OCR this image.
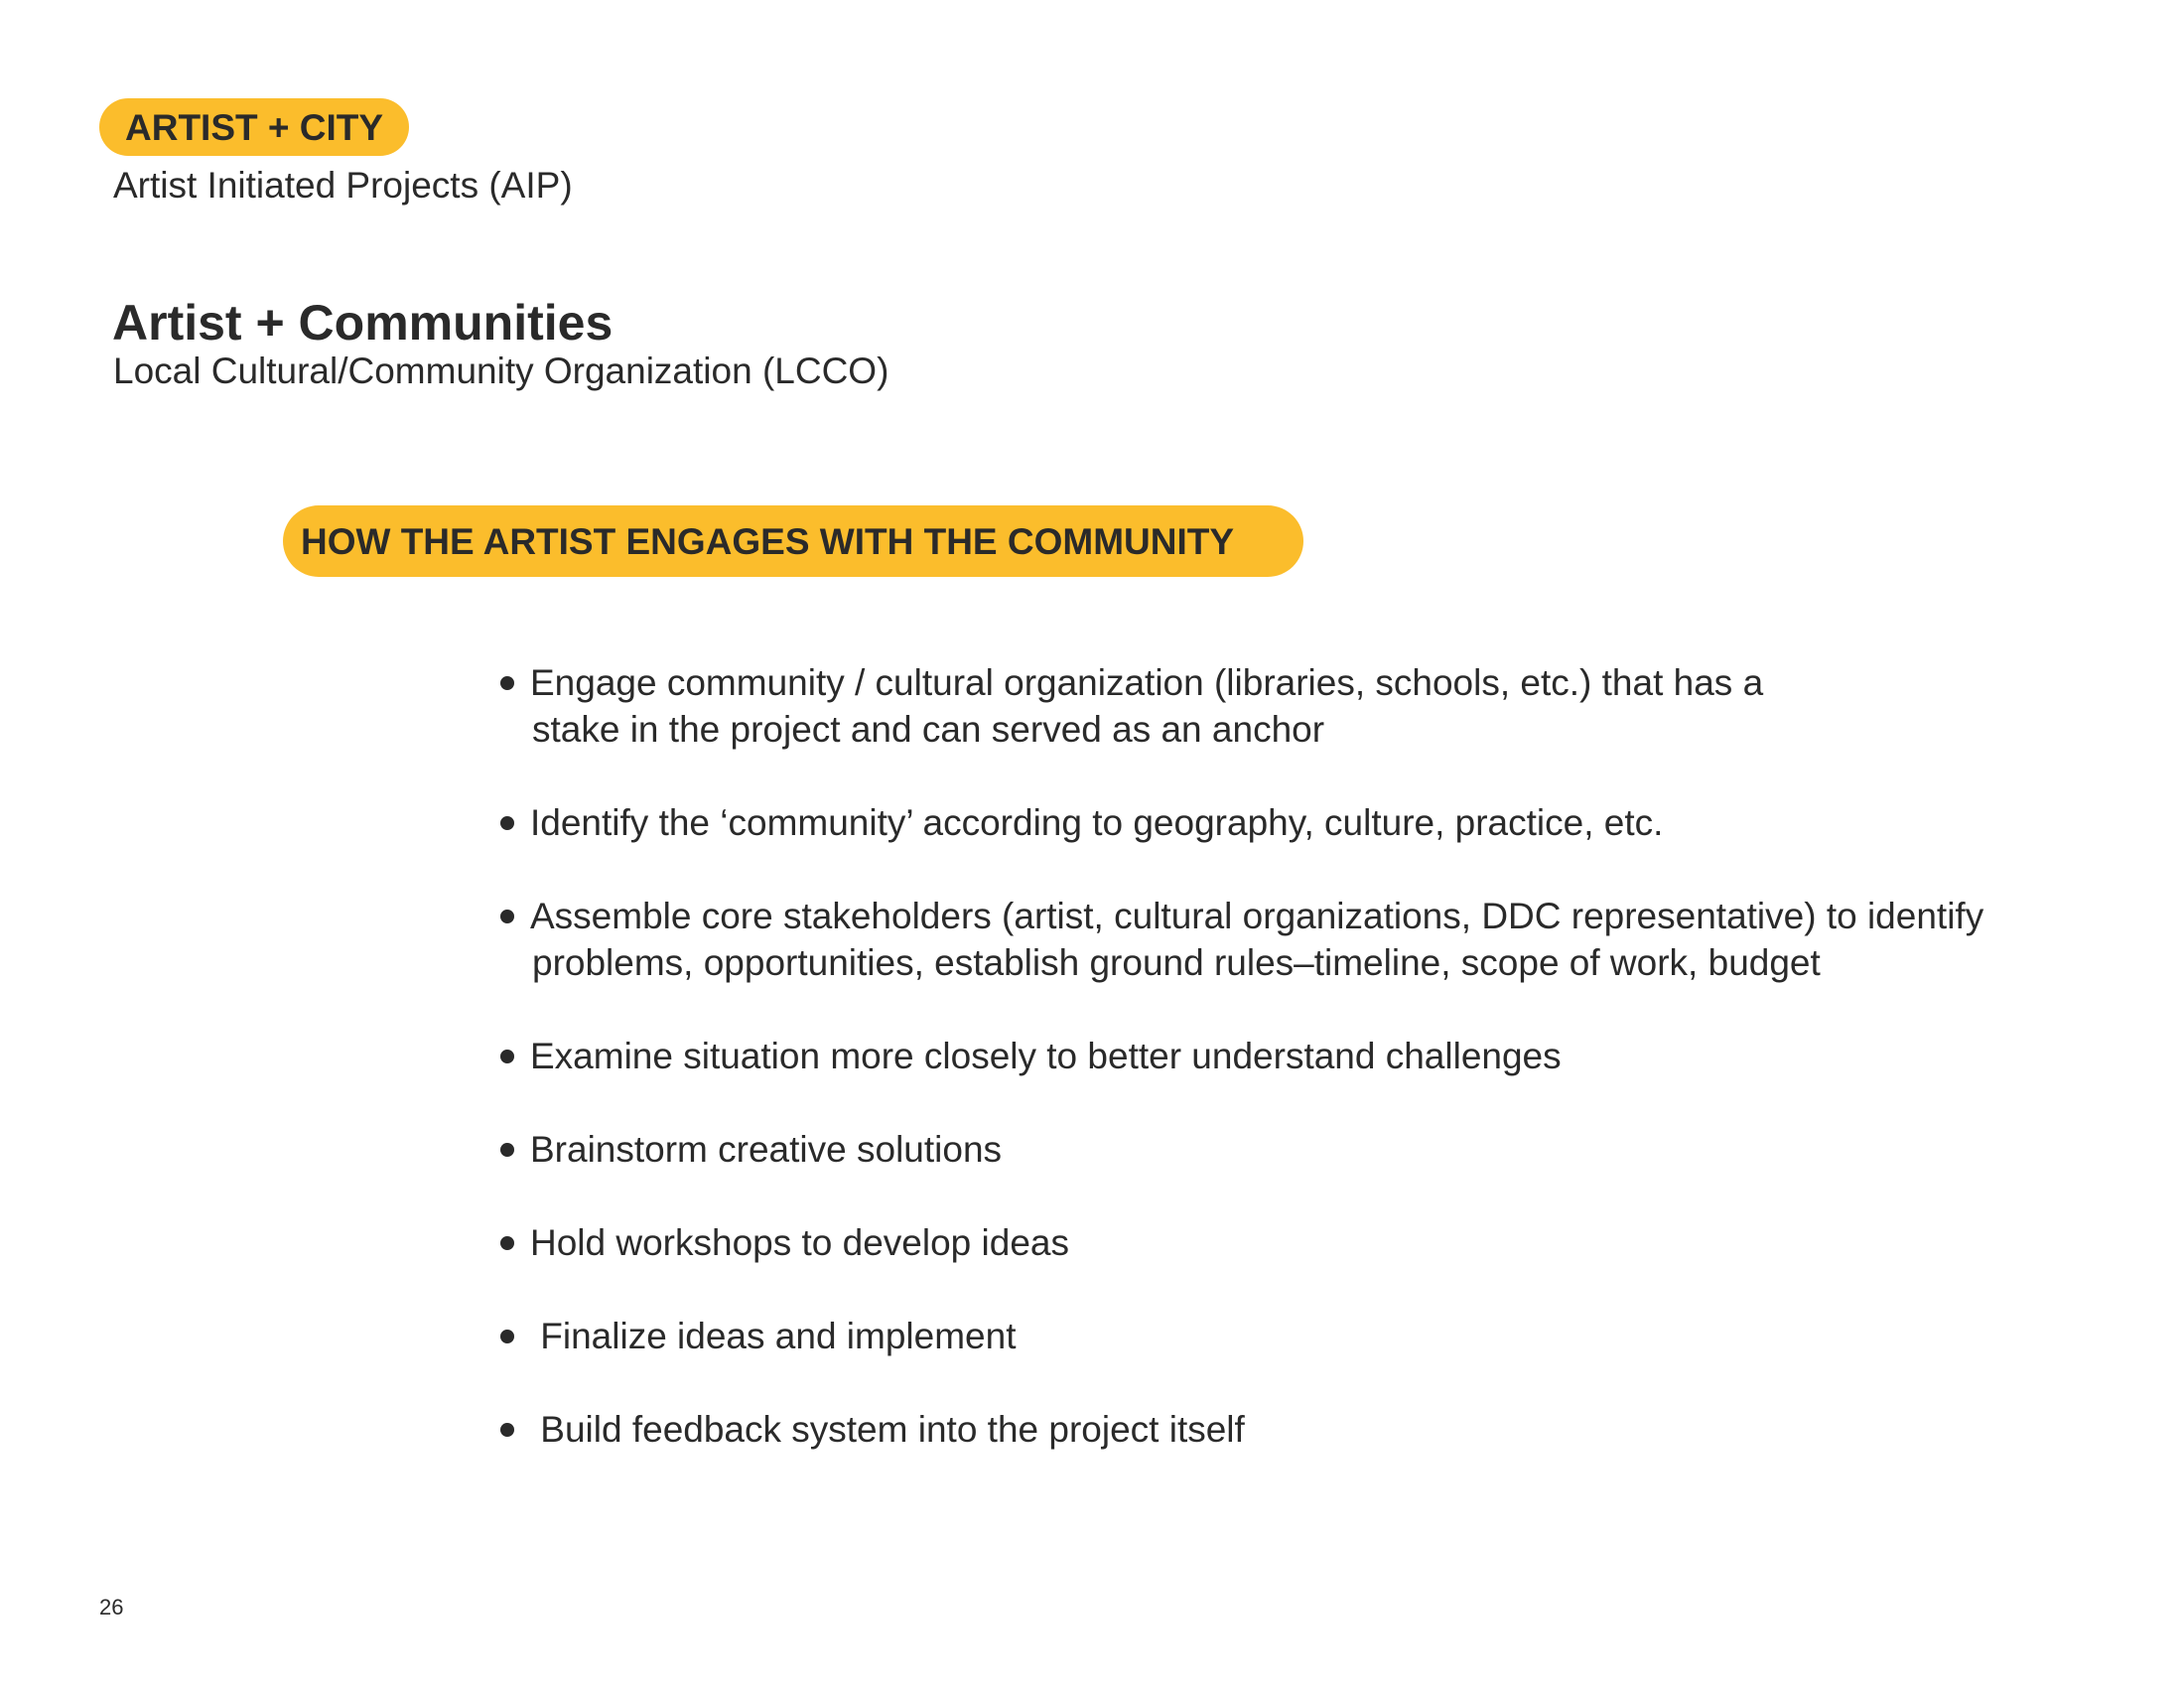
ARTIST + CITY
Artist Initiated Projects (AIP)
Artist + Communities
Local Cultural/Community Organization (LCCO)
HOW THE ARTIST ENGAGES WITH THE COMMUNITY
Engage community / cultural organization (libraries, schools, etc.) that has a
stake in the project and can served as an anchor
Identify the ‘community’ according to geography, culture, practice, etc.
Assemble core stakeholders (artist, cultural organizations, DDC representative) to identify
problems, opportunities, establish ground rules–timeline, scope of work, budget
Examine situation more closely to better understand challenges
Brainstorm creative solutions
Hold workshops to develop ideas
Finalize ideas and implement
Build feedback system into the project itself
26
